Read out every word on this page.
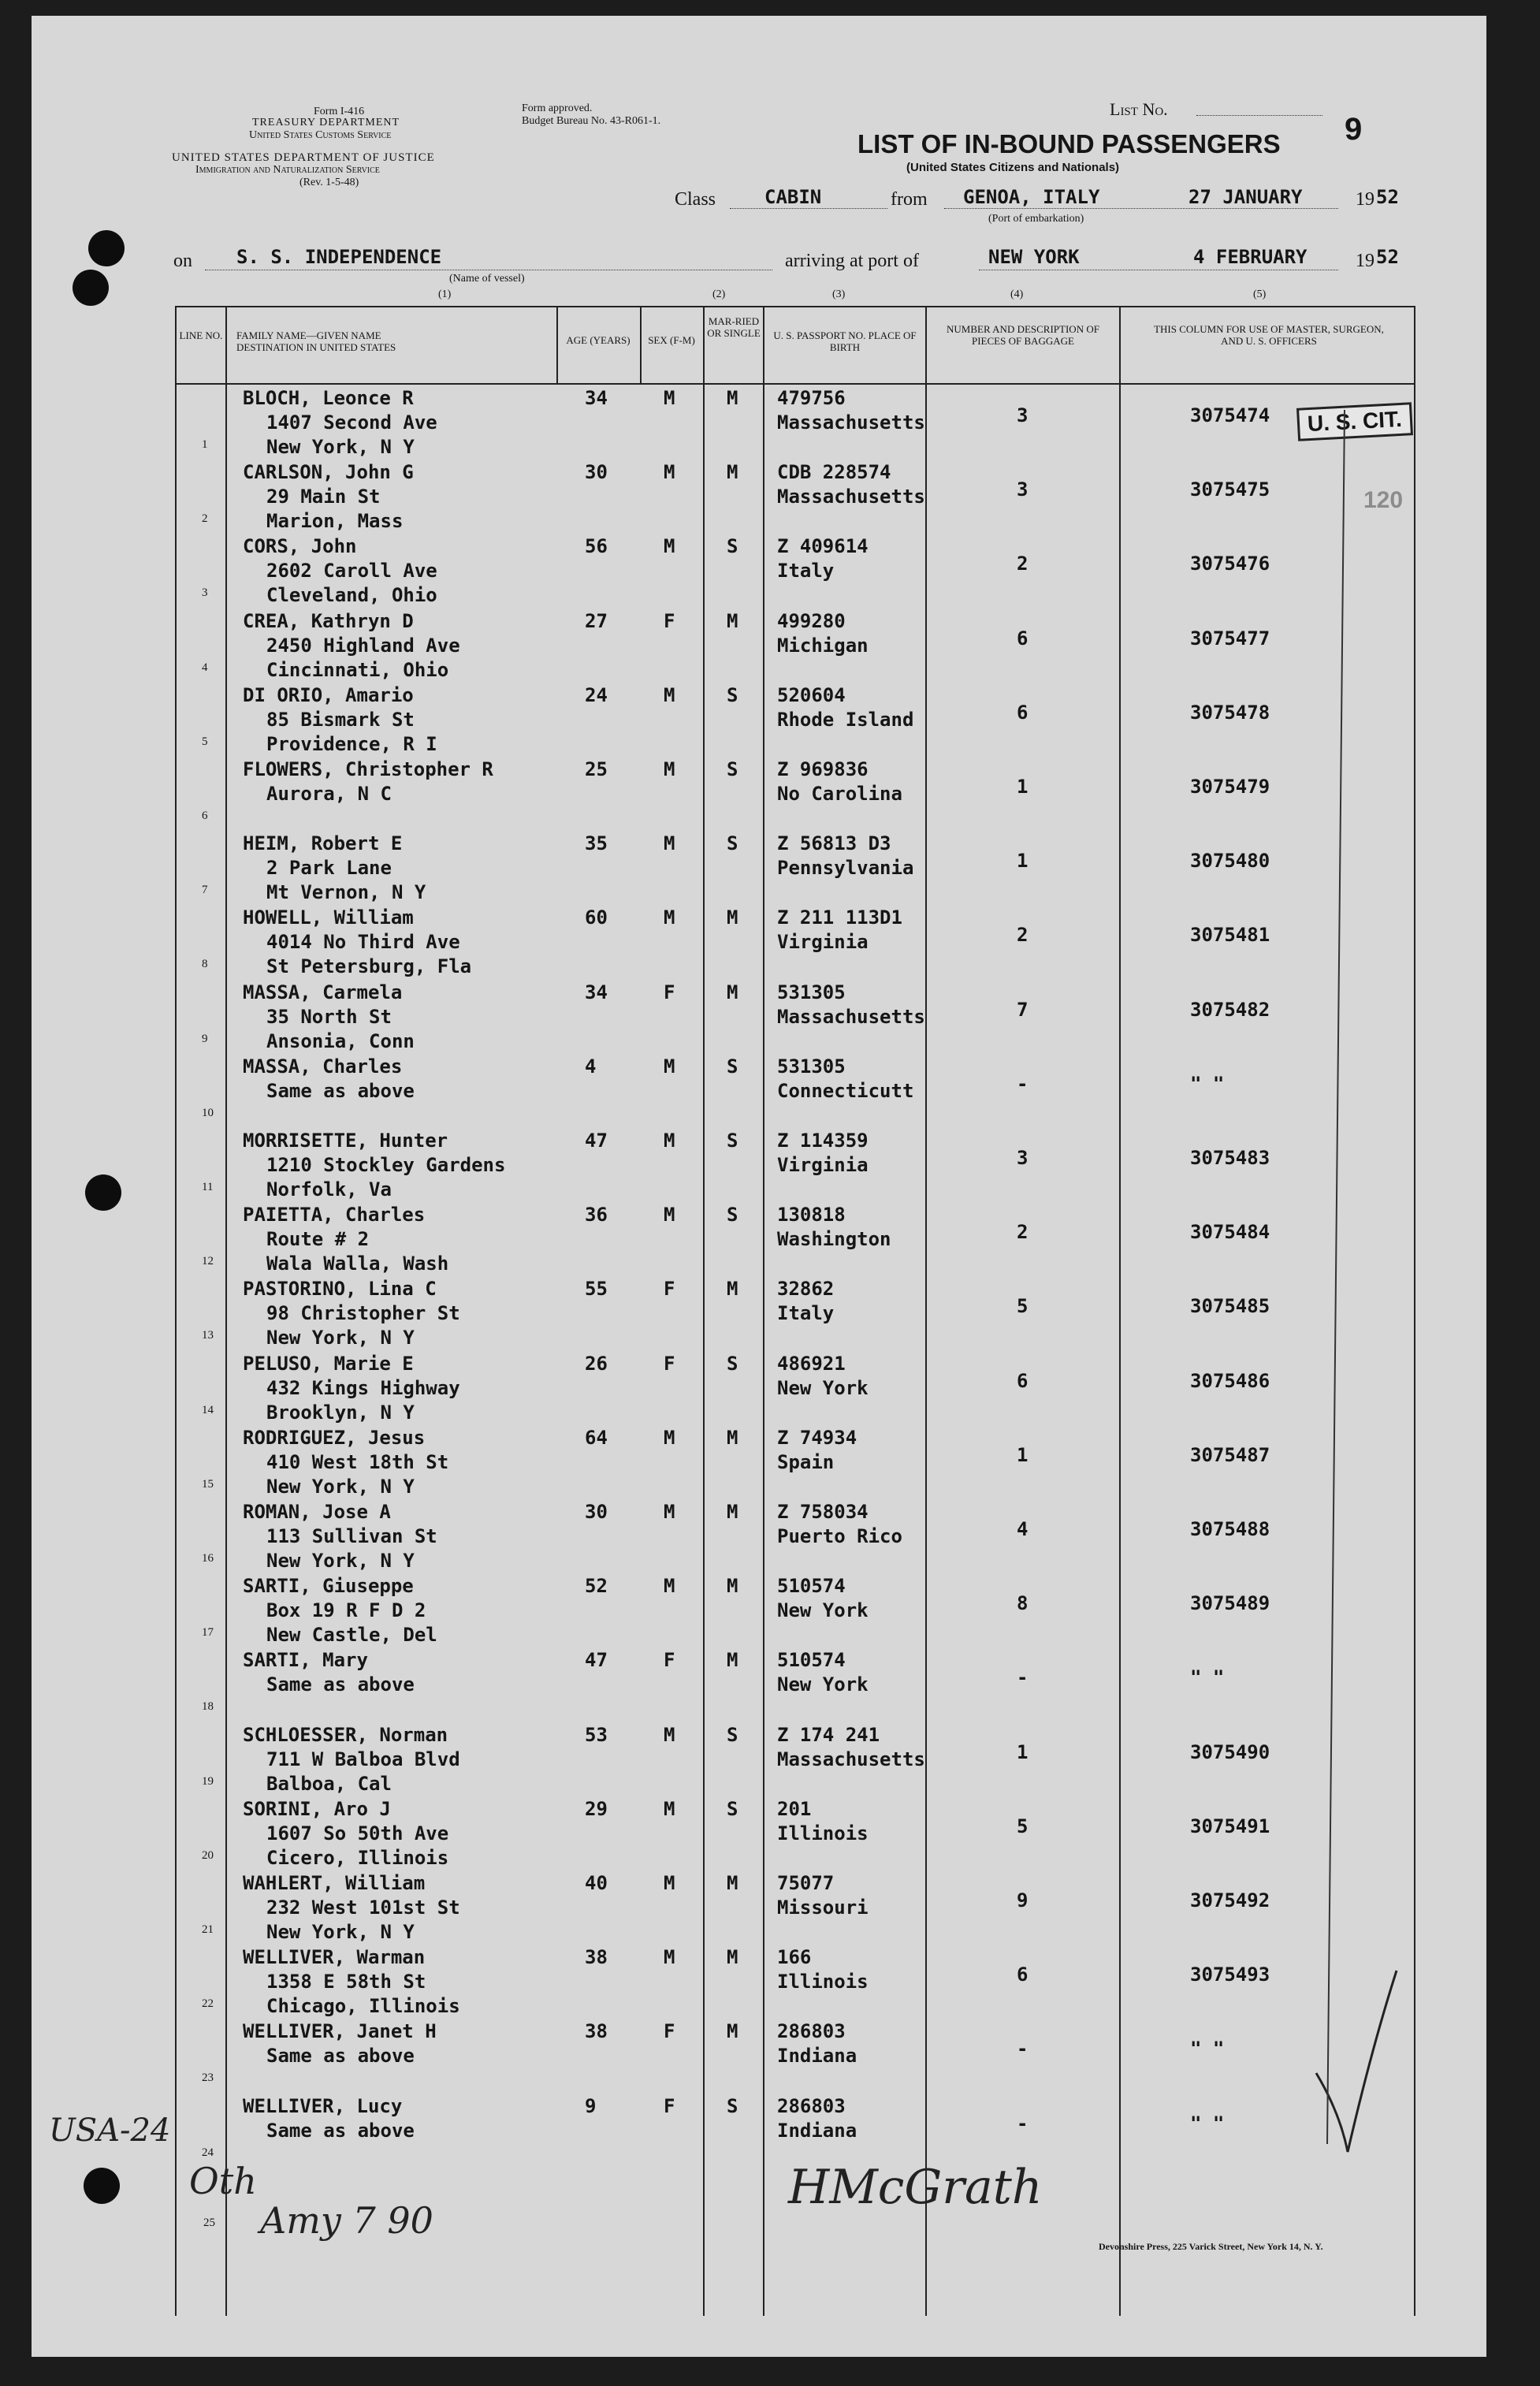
Form I-416
TREASURY DEPARTMENT
United States Customs Service
Form approved.
Budget Bureau No. 43-R061-1.
UNITED STATES DEPARTMENT OF JUSTICE
Immigration and Naturalization Service
(Rev. 1-5-48)
List No.
9
LIST OF IN-BOUND PASSENGERS
(United States Citizens and Nationals)
Class	CABIN	from GENOA, ITALY	27 JANUARY	19 52
(Port of embarkation)
on S. S. INDEPENDENCE
(Name of vessel)
arriving at port of	NEW YORK	4 FEBRUARY	19 52
(1)	(2)	(3)	(4)	(5)
LINE NO. FAMILY NAME—GIVEN NAME DESTINATION IN UNITED STATES
AGE (YEARS)	SEX (F-M)
MAR-RIED OR SINGLE	U. S. PASSPORT NO. PLACE OF BIRTH
NUMBER AND DESCRIPTION OF PIECES OF BAGGAGE
THIS COLUMN FOR USE OF MASTER, SURGEON, AND U. S. OFFICERS
1
BLOCH, Leonce R
1407 Second Ave
New York, N Y
34	M	M 479756
Massachusetts	3	3075474
2
CARLSON, John G
29 Main St
Marion, Mass
30	M	M CDB 228574
Massachusetts	3	3075475
3
CORS, John
2602 Caroll Ave
Cleveland, Ohio
56	M	S Z 409614
Italy	2	3075476
4
CREA, Kathryn D
2450 Highland Ave
Cincinnati, Ohio
27	F	M 499280
Michigan	6	3075477
5
DI ORIO, Amario
85 Bismark St
Providence, R I
24	M	S 520604
Rhode Island	6	3075478
6
FLOWERS, Christopher R
Aurora, N C
25	M	S Z 969836
No Carolina	1	3075479
7
HEIM, Robert E
2 Park Lane
Mt Vernon, N Y
35	M	S Z 56813 D3
Pennsylvania	1	3075480
8
HOWELL, William
4014 No Third Ave
St Petersburg, Fla
60	M	M Z 211 113D1
Virginia	2	3075481
9
MASSA, Carmela
35 North St
Ansonia, Conn
34	F	M 531305
Massachusetts	7	3075482
10
MASSA, Charles
Same as above
4	M	S 531305
Connecticutt	-	" "
11
MORRISETTE, Hunter
1210 Stockley Gardens
Norfolk, Va
47	M	S Z 114359
Virginia	3	3075483
12
PAIETTA, Charles
Route # 2
Wala Walla, Wash
36	M	S 130818
Washington	2	3075484
13
PASTORINO, Lina C
98 Christopher St
New York, N Y
55	F	M 32862
Italy	5	3075485
14
PELUSO, Marie E
432 Kings Highway
Brooklyn, N Y
26	F	S 486921
New York	6	3075486
15
RODRIGUEZ, Jesus
410 West 18th St
New York, N Y
64	M	M Z 74934
Spain	1	3075487
16
ROMAN, Jose A
113 Sullivan St
New York, N Y
30	M	M Z 758034
Puerto Rico	4	3075488
17
SARTI, Giuseppe
Box 19 R F D 2
New Castle, Del
52	M	M 510574
New York	8	3075489
18
SARTI, Mary
Same as above
47	F	M 510574
New York	-	" "
19
SCHLOESSER, Norman
711 W Balboa Blvd
Balboa, Cal
53	M	S Z 174 241
Massachusetts	1	3075490
20
SORINI, Aro J
1607 So 50th Ave
Cicero, Illinois
29	M	S 201
Illinois	5	3075491
21
WAHLERT, William
232 West 101st St
New York, N Y
40	M	M 75077
Missouri	9	3075492
22
WELLIVER, Warman
1358 E 58th St
Chicago, Illinois
38	M	M 166
Illinois	6	3075493
23
WELLIVER, Janet H
Same as above
38	F	M 286803
Indiana	-	" "
24
WELLIVER, Lucy
Same as above
9	F	S 286803
Indiana	-	" "
25
U. S. CIT.
120
USA-24
HMcGrath
Oth
Amy 7 90
Devonshire Press, 225 Varick Street, New York 14, N. Y.
